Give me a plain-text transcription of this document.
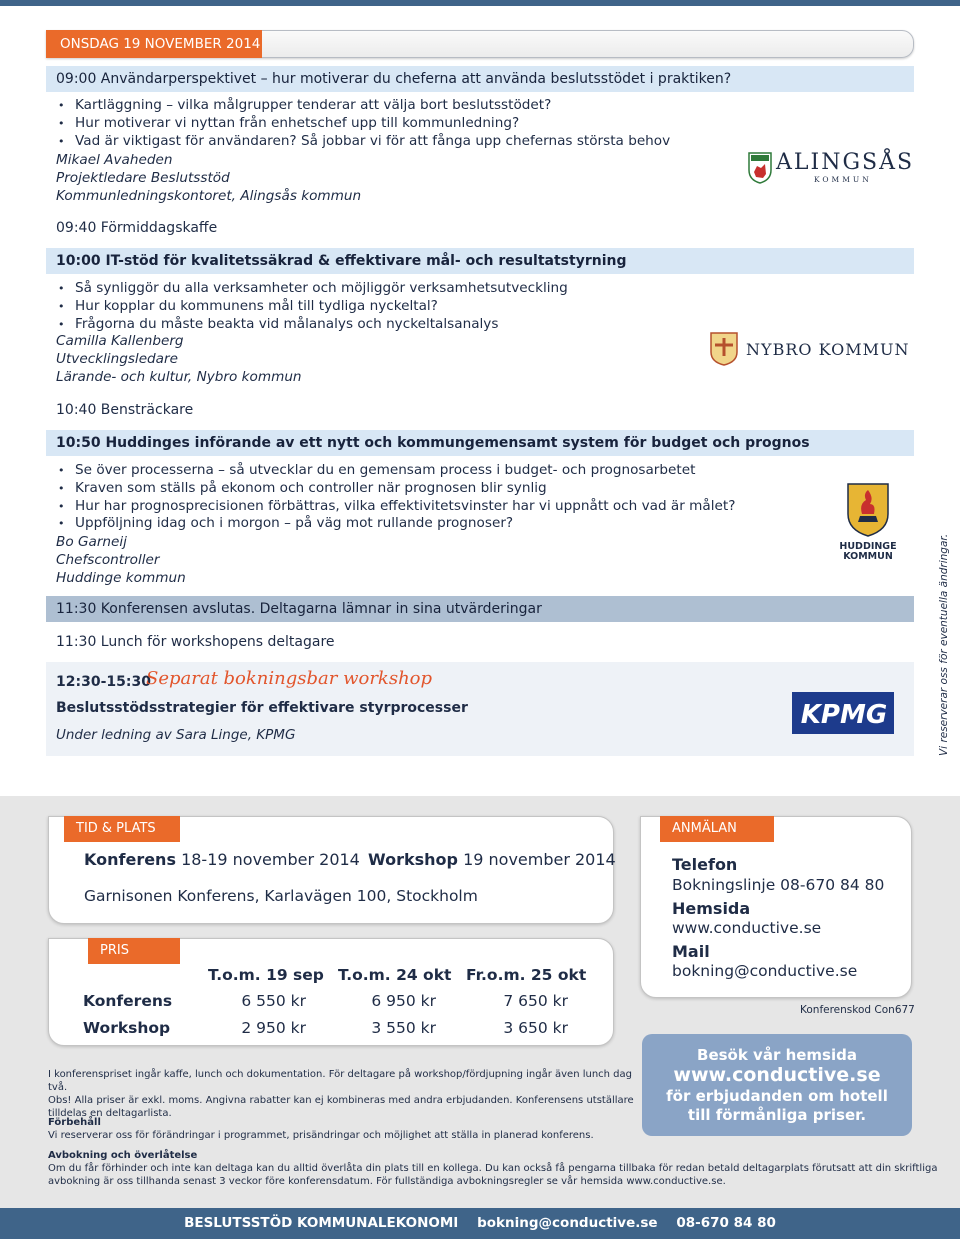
ONSDAG 19 NOVEMBER 2014
09:00 Användarperspektivet – hur motiverar du cheferna att använda beslutsstödet i praktiken?
• Kartläggning – vilka målgrupper tenderar att välja bort beslutsstödet?
• Hur motiverar vi nyttan från enhetschef upp till kommunledning?
• Vad är viktigast för användaren? Så jobbar vi för att fånga upp chefernas största behov
Mikael Avaheden
Projektledare Beslutsstöd
Kommunledningskontoret, Alingsås kommun
ALINGSÅS
KOMMUN
09:40 Förmiddagskaffe
10:00 IT-stöd för kvalitetssäkrad & effektivare mål- och resultatstyrning
• Så synliggör du alla verksamheter och möjliggör verksamhetsutveckling
• Hur kopplar du kommunens mål till tydliga nyckeltal?
• Frågorna du måste beakta vid målanalys och nyckeltalsanalys
Camilla Kallenberg
Utvecklingsledare
Lärande- och kultur, Nybro kommun
NYBRO KOMMUN
10:40 Bensträckare
10:50 Huddinges införande av ett nytt och kommungemensamt system för budget och prognos
• Se över processerna – så utvecklar du en gemensam process i budget- och prognosarbetet
• Kraven som ställs på ekonom och controller när prognosen blir synlig
• Hur har prognosprecisionen förbättras, vilka effektivitetsvinster har vi uppnått och vad är målet?
• Uppföljning idag och i morgon – på väg mot rullande prognoser?
Bo Garneij
Chefscontroller
Huddinge kommun
HUDDINGE
KOMMUN
11:30 Konferensen avslutas. Deltagarna lämnar in sina utvärderingar
11:30 Lunch för workshopens deltagare
12:30-15:30
Separat bokningsbar workshop
Beslutsstödsstrategier för effektivare styrprocesser
Under ledning av Sara Linge, KPMG
KPMG	Vi reserverar oss för eventuella ändringar.
TID & PLATS
Konferens 18-19 november 2014 Workshop 19 november 2014
Garnisonen Konferens, Karlavägen 100, Stockholm
PRIS
T.o.m. 19 sep T.o.m. 24 okt Fr.o.m. 25 okt
Konferens	6 550 kr	6 950 kr	7 650 kr
Workshop	2 950 kr	3 550 kr	3 650 kr
ANMÄLAN
Telefon
Bokningslinje 08-670 84 80
Hemsida
www.conductive.se
Mail
bokning@conductive.se
Konferenskod Con677
Besök vår hemsida
www.conductive.se
för erbjudanden om hotell
till förmånliga priser.
I konferenspriset ingår kaffe, lunch och dokumentation. För deltagare på workshop/fördjupning ingår även lunch dag två.
Obs! Alla priser är exkl. moms. Angivna rabatter kan ej kombineras med andra erbjudanden. Konferensens utställare
tilldelas en deltagarlista.
Förbehåll
Vi reserverar oss för förändringar i programmet, prisändringar och möjlighet att ställa in planerad konferens.
Avbokning och överlåtelse
Om du får förhinder och inte kan deltaga kan du alltid överlåta din plats till en kollega. Du kan också få pengarna tillbaka för redan betald deltagarplats förutsatt att din skriftliga
avbokning är oss tillhanda senast 3 veckor före konferensdatum. För fullständiga avbokningsregler se vår hemsida www.conductive.se.
BESLUTSSTÖD KOMMUNALEKONOMI    bokning@conductive.se    08-670 84 80
